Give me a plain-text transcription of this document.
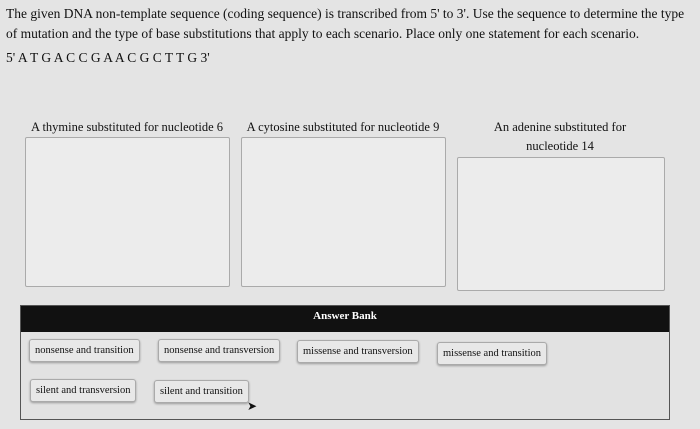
The given DNA non-template sequence (coding sequence) is transcribed from 5' to 3'. Use the sequence to determine the type of mutation and the type of base substitutions that apply to each scenario. Place only one statement for each scenario.
5' A T G A C C G A A C G C T T G 3'
A thymine substituted for nucleotide 6	A cytosine substituted for nucleotide 9	An adenine substituted for nucleotide 14
Answer Bank
nonsense and transition	nonsense and transversion	missense and transversion	missense and transition
silent and transversion	silent and transition
➤
